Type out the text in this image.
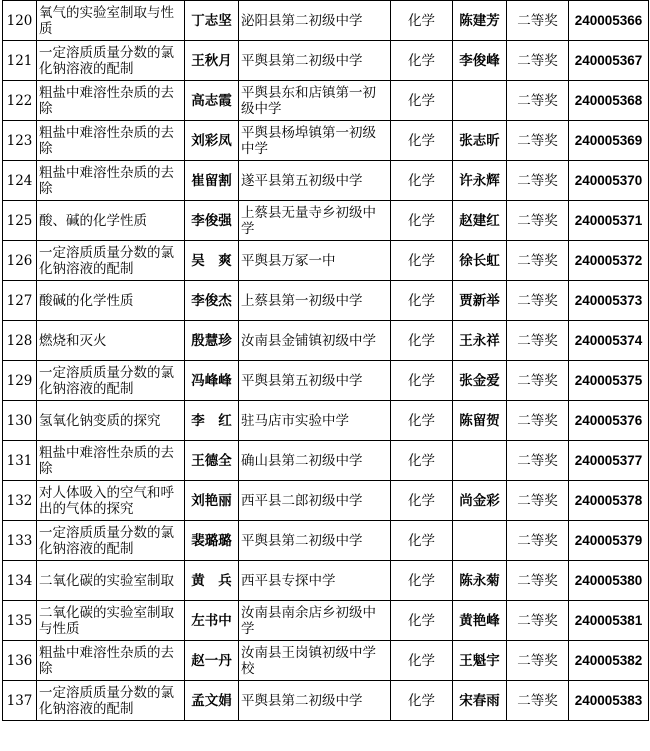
120	氧气的实验室制取与性质	丁志坚	泌阳县第二初级中学	化学	陈建芳	二等奖	240005366
121	一定溶质质量分数的氯化钠溶液的配制	王秋月	平舆县第二初级中学	化学	李俊峰	二等奖	240005367
122	粗盐中难溶性杂质的去除	高志霞	平舆县东和店镇第一初级中学	化学		二等奖	240005368
123	粗盐中难溶性杂质的去除	刘彩凤	平舆县杨埠镇第一初级中学	化学	张志昕	二等奖	240005369
124	粗盐中难溶性杂质的去除	崔留割	遂平县第五初级中学	化学	许永辉	二等奖	240005370
125	酸、碱的化学性质	李俊强	上蔡县无量寺乡初级中学	化学	赵建红	二等奖	240005371
126	一定溶质质量分数的氯化钠溶液的配制	吴　爽	平舆县万冢一中	化学	徐长虹	二等奖	240005372
127	酸碱的化学性质	李俊杰	上蔡县第一初级中学	化学	贾新举	二等奖	240005373
128	燃烧和灭火	殷慧珍	汝南县金铺镇初级中学	化学	王永祥	二等奖	240005374
129	一定溶质质量分数的氯化钠溶液的配制	冯峰峰	平舆县第五初级中学	化学	张金爱	二等奖	240005375
130	氢氧化钠变质的探究	李　红	驻马店市实验中学	化学	陈留贺	二等奖	240005376
131	粗盐中难溶性杂质的去除	王德全	确山县第二初级中学	化学		二等奖	240005377
132	对人体吸入的空气和呼出的气体的探究	刘艳丽	西平县二郎初级中学	化学	尚金彩	二等奖	240005378
133	一定溶质质量分数的氯化钠溶液的配制	裴璐璐	平舆县第二初级中学	化学		二等奖	240005379
134	二氧化碳的实验室制取	黄　兵	西平县专探中学	化学	陈永菊	二等奖	240005380
135	二氧化碳的实验室制取与性质	左书中	汝南县南余店乡初级中学	化学	黄艳峰	二等奖	240005381
136	粗盐中难溶性杂质的去除	赵一丹	汝南县王岗镇初级中学校	化学	王魁宇	二等奖	240005382
137	一定溶质质量分数的氯化钠溶液的配制	孟文娟	平舆县第二初级中学	化学	宋春雨	二等奖	240005383
